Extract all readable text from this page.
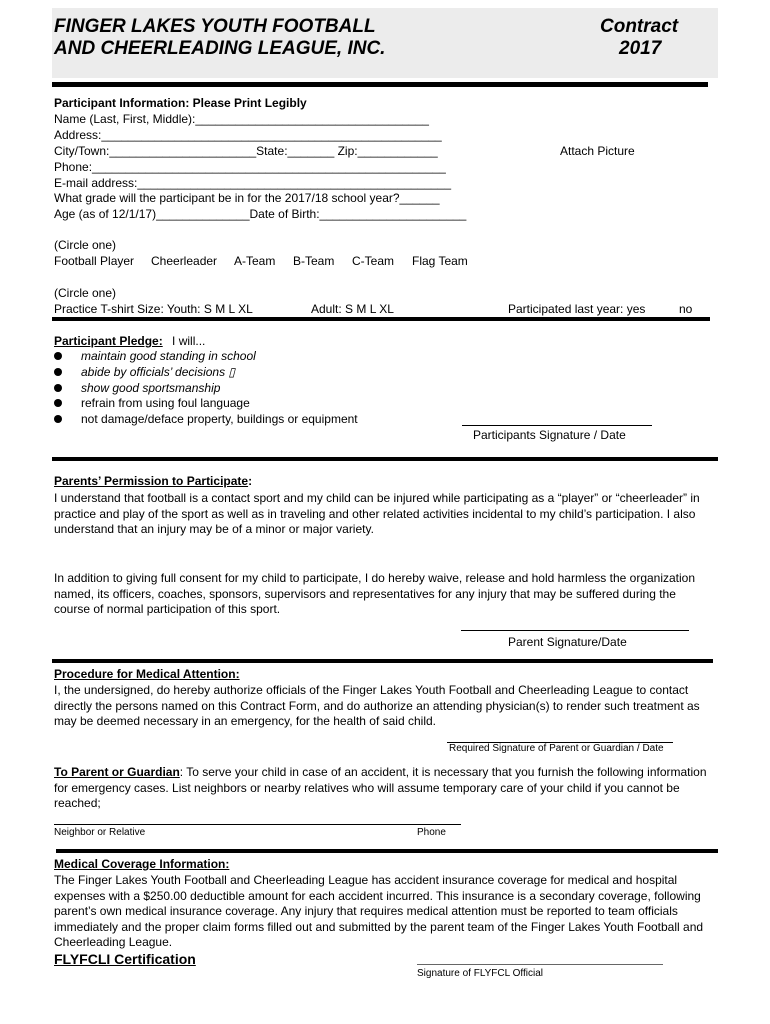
FINGER LAKES YOUTH FOOTBALL
AND CHEERLEADING LEAGUE, INC.
Contract
2017
Participant Information: Please Print Legibly
Name (Last, First, Middle):___________________________________
Address:___________________________________________________
City/Town:______________________State:_______ Zip:____________	Attach Picture
Phone:_____________________________________________________
E-mail address:_______________________________________________
What grade will the participant be in for the 2017/18 school year?______
Age (as of 12/1/17)______________Date of Birth:______________________
(Circle one)
Football Player Cheerleader A-Team B-Team C-Team Flag Team
(Circle one)
Practice T-shirt Size: Youth: S M L XL	Adult: S M L XL	Participated last year: yes	no
Participant Pledge: I will...
maintain good standing in school
abide by officials’ decisions ▯
show good sportsmanship
refrain from using foul language
not damage/deface property, buildings or equipment
Participants Signature / Date
Parents’ Permission to Participate:
I understand that football is a contact sport and my child can be injured while participating as a “player” or “cheerleader” in practice and play of the sport as well as in traveling and other related activities incidental to my child’s participation. I also understand that an injury may be of a minor or major variety.
In addition to giving full consent for my child to participate, I do hereby waive, release and hold harmless the organization named, its officers, coaches, sponsors, supervisors and representatives for any injury that may be suffered during the course of normal participation of this sport.
Parent Signature/Date
Procedure for Medical Attention:
I, the undersigned, do hereby authorize officials of the Finger Lakes Youth Football and Cheerleading League to contact directly the persons named on this Contract Form, and do authorize an attending physician(s) to render such treatment as may be deemed necessary in an emergency, for the health of said child.
Required Signature of Parent or Guardian / Date
To Parent or Guardian: To serve your child in case of an accident, it is necessary that you furnish the following information for emergency cases. List neighbors or nearby relatives who will assume temporary care of your child if you cannot be reached;
Neighbor or Relative	Phone
Medical Coverage Information:
The Finger Lakes Youth Football and Cheerleading League has accident insurance coverage for medical and hospital expenses with a $250.00 deductible amount for each accident incurred. This insurance is a secondary coverage, following parent’s own medical insurance coverage. Any injury that requires medical attention must be reported to team officials immediately and the proper claim forms filled out and submitted by the parent team of the Finger Lakes Youth Football and Cheerleading League.
FLYFCLI Certification
Signature of FLYFCL Official
